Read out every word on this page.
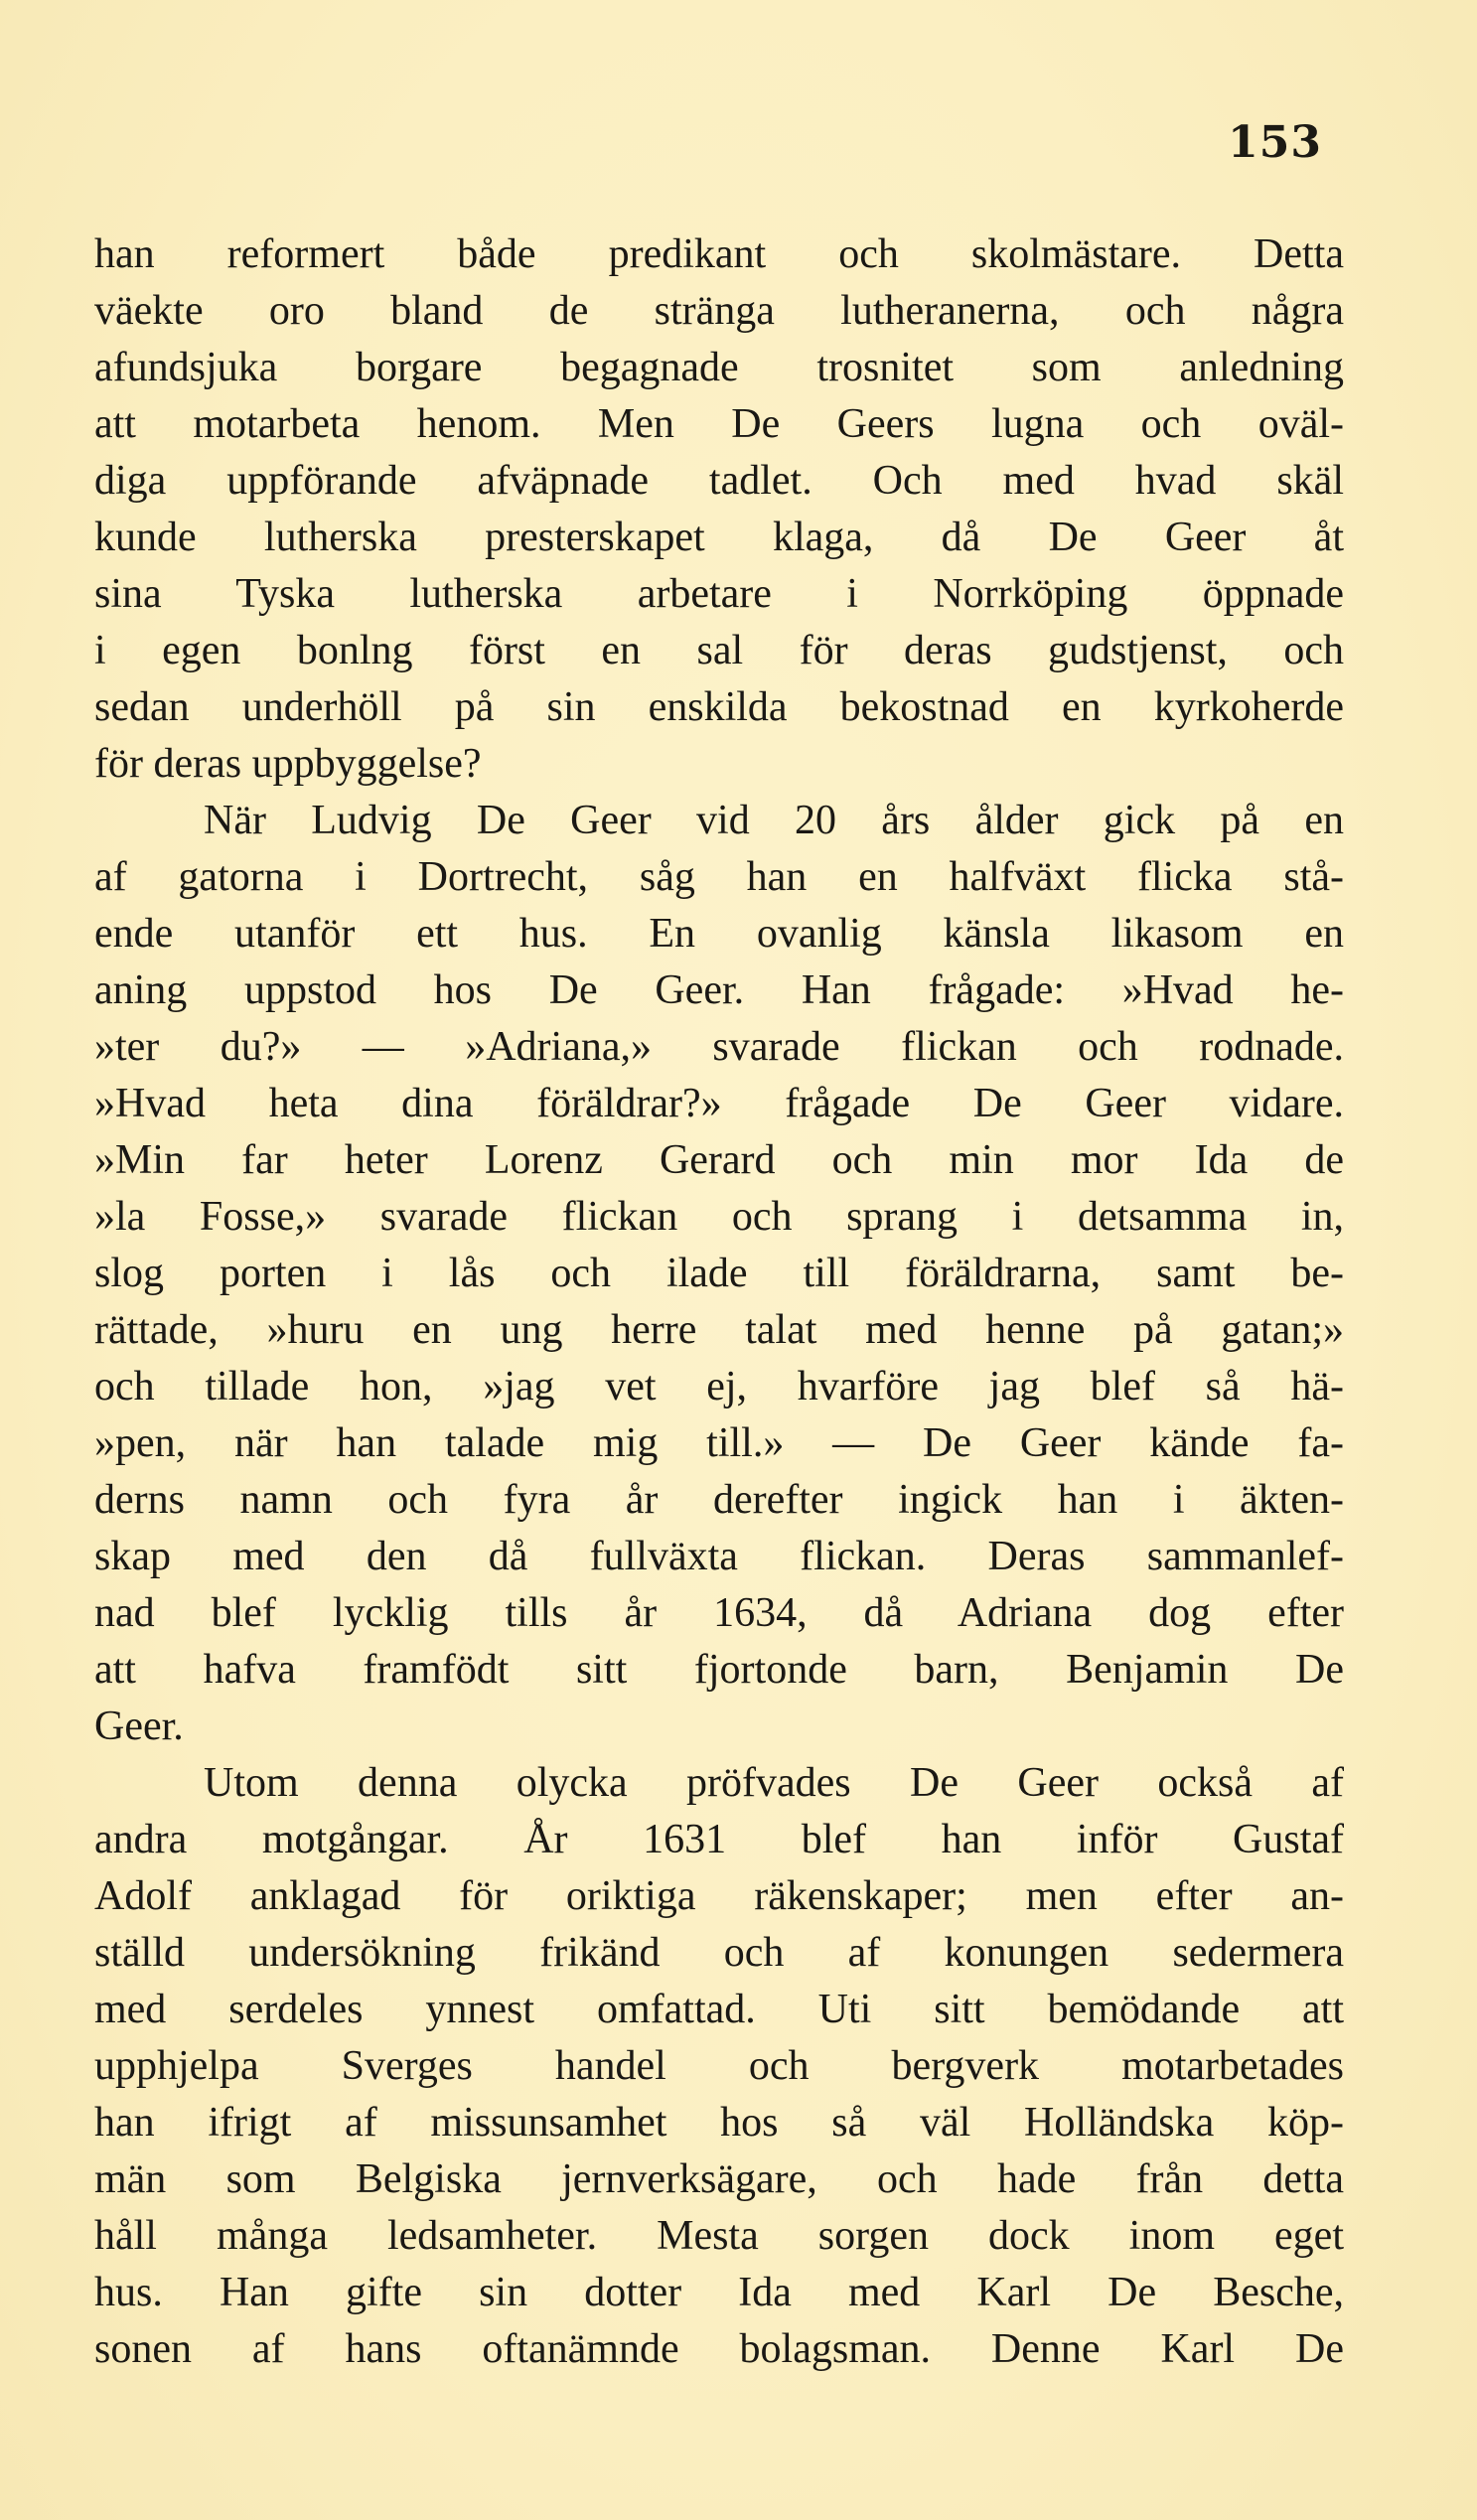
153
han reformert både predikant och skolmästare. Detta
väekte oro bland de stränga lutheranerna, och några
afundsjuka borgare begagnade trosnitet som anledning
att motarbeta henom. Men De Geers lugna och oväl-
diga uppförande afväpnade tadlet. Och med hvad skäl
kunde lutherska presterskapet klaga, då De Geer åt
sina Tyska lutherska arbetare i Norrköping öppnade
i egen bonlng först en sal för deras gudstjenst, och
sedan underhöll på sin enskilda bekostnad en kyrkoherde
för deras uppbyggelse?
När Ludvig De Geer vid 20 års ålder gick på en
af gatorna i Dortrecht, såg han en halfväxt flicka stå-
ende utanför ett hus. En ovanlig känsla likasom en
aning uppstod hos De Geer. Han frågade: »Hvad he-
»ter du?» — »Adriana,» svarade flickan och rodnade.
»Hvad heta dina föräldrar?» frågade De Geer vidare.
»Min far heter Lorenz Gerard och min mor Ida de
»la Fosse,» svarade flickan och sprang i detsamma in,
slog porten i lås och ilade till föräldrarna, samt be-
rättade, »huru en ung herre talat med henne på gatan;»
och tillade hon, »jag vet ej, hvarföre jag blef så hä-
»pen, när han talade mig till.» — De Geer kände fa-
derns namn och fyra år derefter ingick han i äkten-
skap med den då fullväxta flickan. Deras sammanlef-
nad blef lycklig tills år 1634, då Adriana dog efter
att hafva framfödt sitt fjortonde barn, Benjamin De
Geer.
Utom denna olycka pröfvades De Geer också af
andra motgångar. År 1631 blef han inför Gustaf
Adolf anklagad för oriktiga räkenskaper; men efter an-
ställd undersökning frikänd och af konungen sedermera
med serdeles ynnest omfattad. Uti sitt bemödande att
upphjelpa Sverges handel och bergverk motarbetades
han ifrigt af missunsamhet hos så väl Holländska köp-
män som Belgiska jernverksägare, och hade från detta
håll många ledsamheter. Mesta sorgen dock inom eget
hus. Han gifte sin dotter Ida med Karl De Besche,
sonen af hans oftanämnde bolagsman. Denne Karl De
